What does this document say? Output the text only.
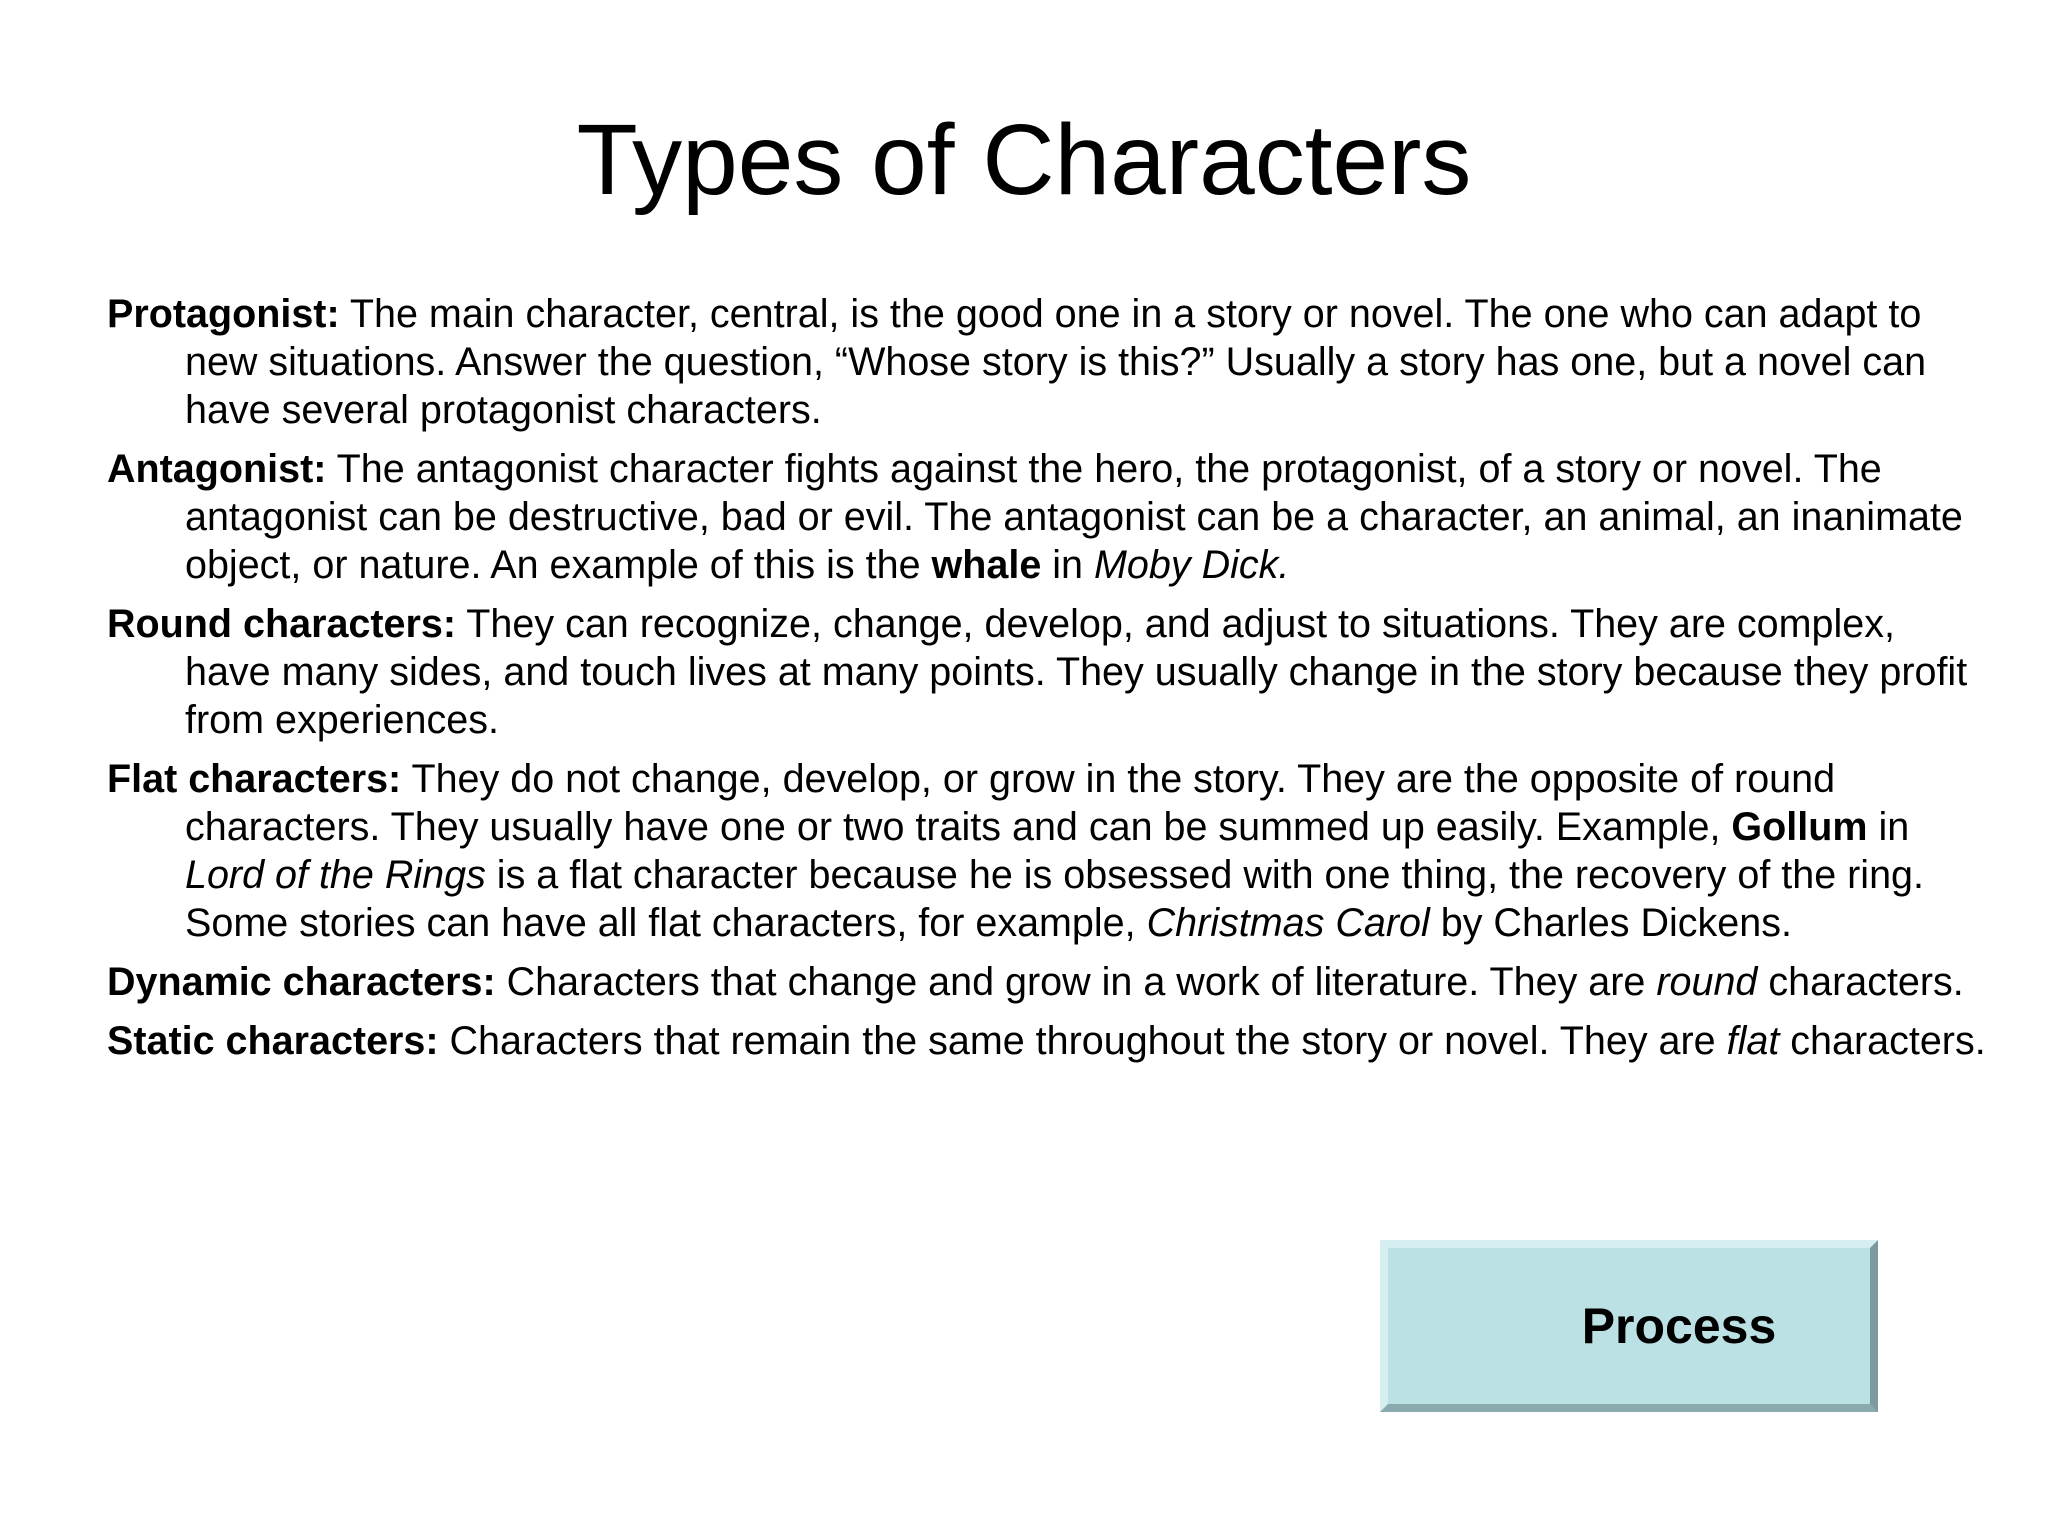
Types of Characters
Protagonist: The main character, central, is the good one in a story or novel. The one who can adapt to new situations. Answer the question, “Whose story is this?” Usually a story has one, but a novel can have several protagonist characters.
Antagonist: The antagonist character fights against the hero, the protagonist, of a story or novel. The antagonist can be destructive, bad or evil. The antagonist can be a character, an animal, an inanimate object, or nature. An example of this is the whale in Moby Dick.
Round characters: They can recognize, change, develop, and adjust to situations. They are complex, have many sides, and touch lives at many points. They usually change in the story because they profit from experiences.
Flat characters: They do not change, develop, or grow in the story. They are the opposite of round characters. They usually have one or two traits and can be summed up easily. Example, Gollum in Lord of the Rings is a flat character because he is obsessed with one thing, the recovery of the ring. Some stories can have all flat characters, for example, Christmas Carol by Charles Dickens.
Dynamic characters: Characters that change and grow in a work of literature. They are round characters.
Static characters: Characters that remain the same throughout the story or novel. They are flat characters.
Process
